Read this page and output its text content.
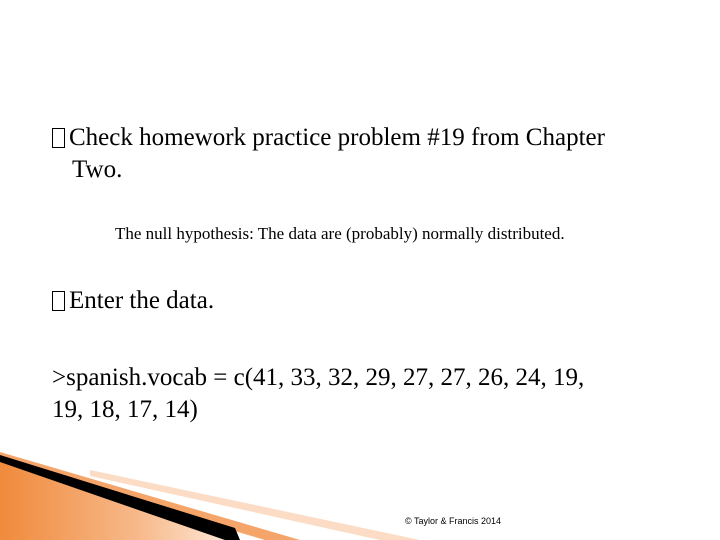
Check homework practice problem #19 from Chapter
Two.
The null hypothesis: The data are (probably) normally distributed.
Enter the data.
>spanish.vocab = c(41, 33, 32, 29, 27, 27, 26, 24, 19,
19, 18, 17, 14)
© Taylor & Francis 2014
